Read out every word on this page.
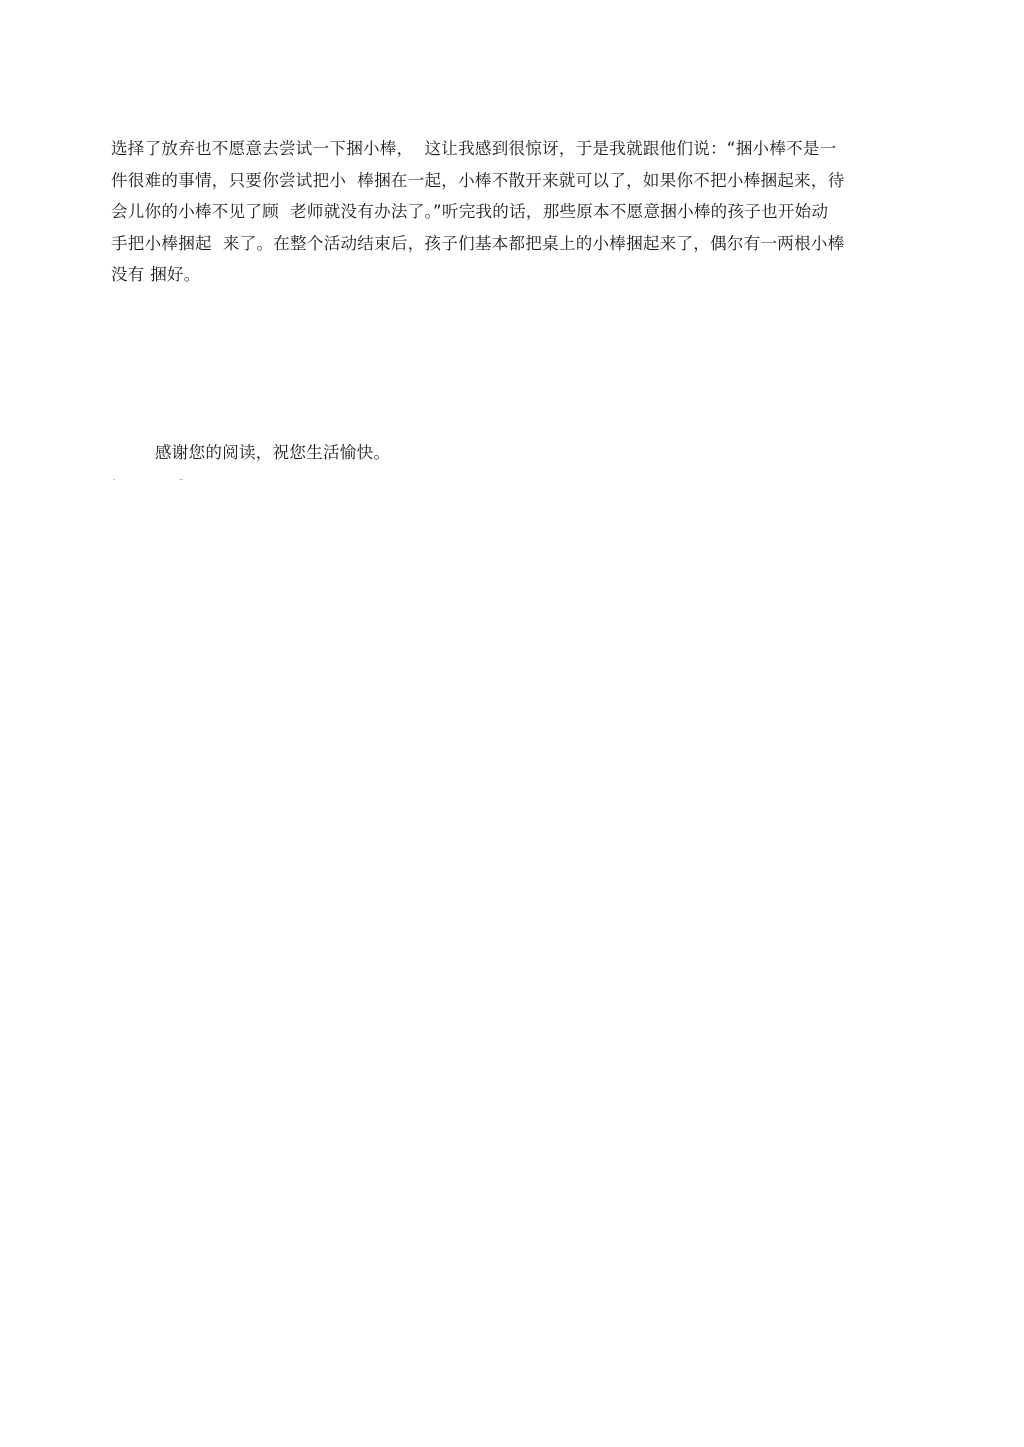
选择了放弃也不愿意去尝试一下捆小棒，  这让我感到很惊讶，于是我就跟他们说：“捆小棒不是一
件很难的事情，只要你尝试把小  棒捆在一起，小棒不散开来就可以了，如果你不把小棒捆起来，待
会儿你的小棒不见了顾  老师就没有办法了。”听完我的话，那些原本不愿意捆小棒的孩子也开始动
手把小棒捆起  来了。在整个活动结束后，孩子们基本都把桌上的小棒捆起来了，偶尔有一两根小棒
没有 捆好。

感谢您的阅读，祝您生活愉快。
